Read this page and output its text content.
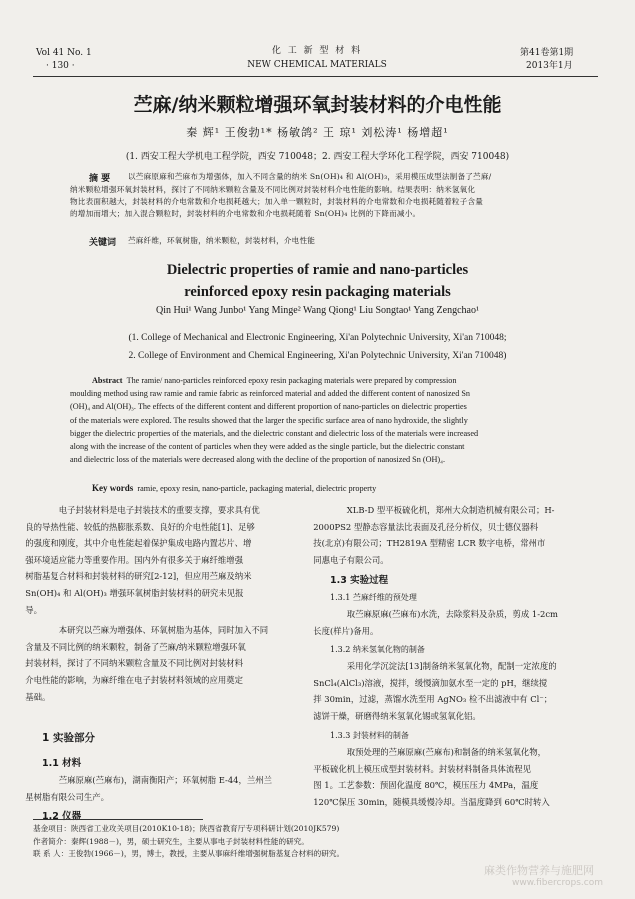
Vol 41 No. 1
· 130 ·
化 工 新 型 材 料
NEW CHEMICAL MATERIALS
第41卷第1期
2013年1月
苎麻/纳米颗粒增强环氧封装材料的介电性能
秦 辉¹ 王俊勃¹* 杨敏鸽² 王 琼¹ 刘松涛¹ 杨增超¹
(1. 西安工程大学机电工程学院，西安 710048；2. 西安工程大学环化工程学院，西安 710048)
摘 要 以苎麻原麻和苎麻布为增强体，加入不同含量的纳米 Sn(OH)₄ 和 Al(OH)₃，采用模压成型法制备了苎麻/
纳米颗粒增强环氧封装材料，探讨了不同纳米颗粒含量及不同比例对封装材料介电性能的影响。结果表明：纳米氢氧化
物比表面积越大，封装材料的介电常数和介电损耗越大；加入单一颗粒时，封装材料的介电常数和介电损耗随着粒子含量
的增加而增大；加入混合颗粒时，封装材料的介电常数和介电损耗随着 Sn(OH)₄ 比例的下降而减小。
关键词 苎麻纤维，环氧树脂，纳米颗粒，封装材料，介电性能
Dielectric properties of ramie and nano-particles
reinforced epoxy resin packaging materials
Qin Hui¹ Wang Junbo¹ Yang Minge² Wang Qiong¹ Liu Songtao¹ Yang Zengchao¹
(1. College of Mechanical and Electronic Engineering, Xi'an Polytechnic University, Xi'an 710048;
2. College of Environment and Chemical Engineering, Xi'an Polytechnic University, Xi'an 710048)
Abstract The ramie/ nano-particles reinforced epoxy resin packaging materials were prepared by compression
moulding method using raw ramie and ramie fabric as reinforced material and added the different content of nanosized Sn
(OH)₄ and Al(OH)₃. The effects of the different content and different proportion of nano-particles on dielectric properties
of the materials were explored. The results showed that the larger the specific surface area of nano hydroxide, the slightly
bigger the dielectric properties of the materials, and the dielectric constant and dielectric loss of the materials were increased
along with the increase of the content of particles when they were added as the single particle, but the dielectric constant
and dielectric loss of the materials were decreased along with the decline of the proportion of nanosized Sn (OH)₄.
Key words ramie, epoxy resin, nano-particle, packaging material, dielectric property

电子封装材料是电子封装技术的重要支撑，要求具有优
良的导热性能、较低的热膨胀系数、良好的介电性能[1]、足够
的强度和刚度，其中介电性能起着保护集成电路内置芯片、增
强环境适应能力等重要作用。国内外有很多关于麻纤维增强
树脂基复合材料和封装材料的研究[2-12]，但应用苎麻及纳米
Sn(OH)₄ 和 Al(OH)₃ 增强环氧树脂封装材料的研究未见报
导。

本研究以苎麻为增强体、环氧树脂为基体，同时加入不同
含量及不同比例的纳米颗粒，制备了苎麻/纳米颗粒增强环氧
封装材料，探讨了不同纳米颗粒含量及不同比例对封装材料
介电性能的影响，为麻纤维在电子封装材料领域的应用奠定
基础。

1 实验部分
1.1 材料

苎麻原麻(苎麻布)，湖南衡阳产；环氧树脂 E-44，兰州兰
星树脂有限公司生产。

1.2 仪器

XLB-D 型平板硫化机，郑州大众制造机械有限公司；H-
2000PS2 型静态容量法比表面及孔径分析仪，贝士德仪器科
技(北京)有限公司；TH2819A 型精密 LCR 数字电桥，常州市
同惠电子有限公司。

1.3 实验过程
1.3.1 苎麻纤维的预处理

取苎麻原麻(苎麻布)水洗，去除浆料及杂质，剪成 1-2cm
长度(样片)备用。

1.3.2 纳米氢氧化物的制备

采用化学沉淀法[13]制备纳米氢氧化物，配制一定浓度的
SnCl₄(AlCl₃)溶液，搅拌，缓慢滴加氨水至一定的 pH，继续搅
拌 30min，过滤，蒸馏水洗至用 AgNO₃ 检不出滤液中有 Cl⁻；
滤饼干燥，研磨得纳米氢氧化锡或氢氧化铝。

1.3.3 封装材料的制备

取预处理的苎麻原麻(苎麻布)和制备的纳米氢氧化物，
平板硫化机上模压成型封装材料。封装材料制备具体流程见
图 1。工艺参数：预固化温度 80℃，模压压力 4MPa，温度
120℃保压 30min，随模具缓慢冷却。当温度降到 60℃时转入

基金项目：陕西省工业攻关项目(2010K10-18)；陕西省教育厅专项科研计划(2010JK579)
作者简介：秦辉(1988－)，男，硕士研究生，主要从事电子封装材料性能的研究。
联 系 人：王俊勃(1966－)，男，博士，教授，主要从事麻纤维增强树脂基复合材料的研究。
麻类作物营养与施肥网
www.fibercrops.com
